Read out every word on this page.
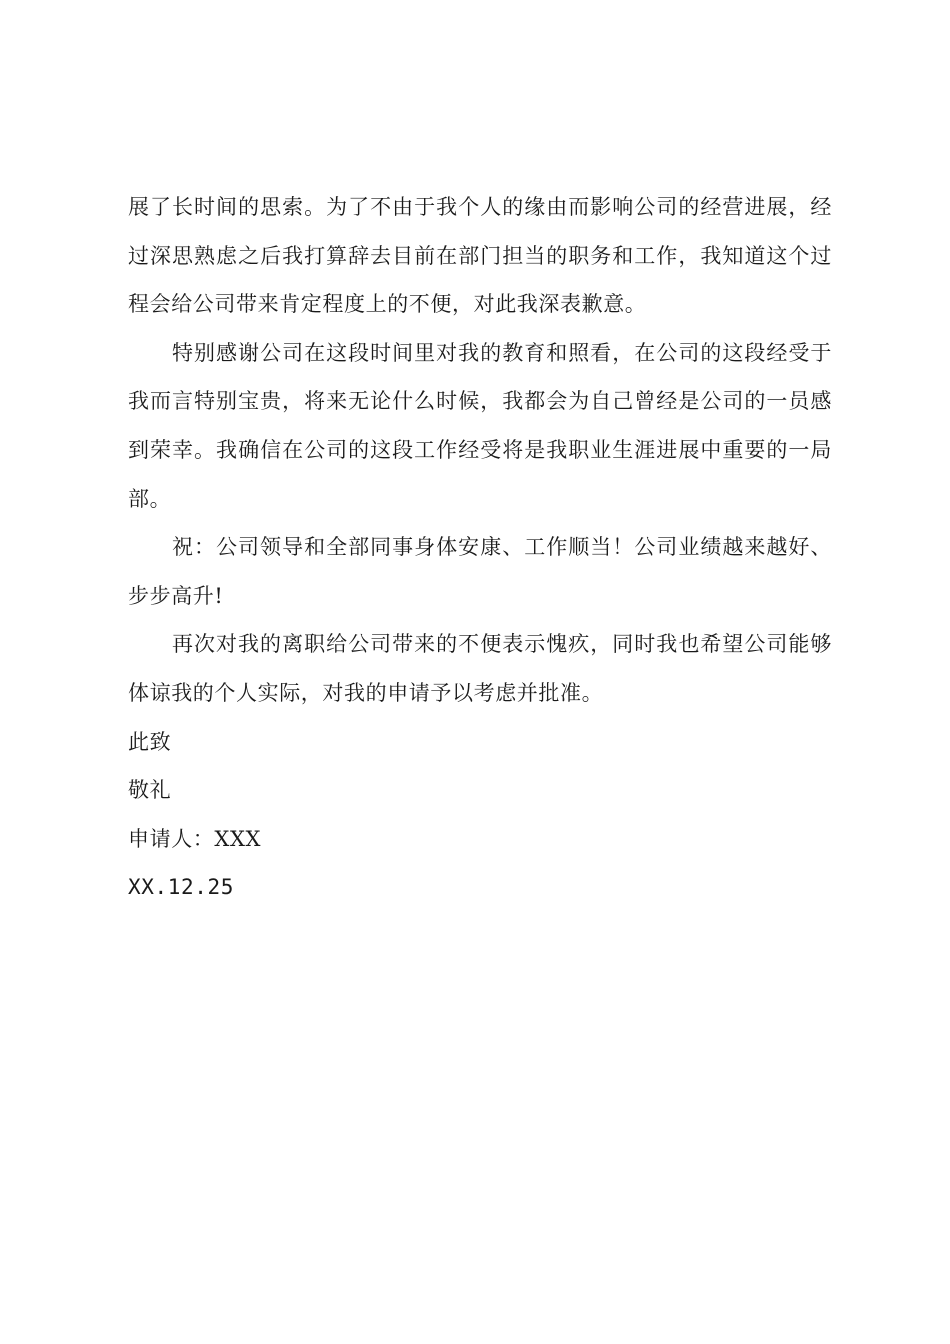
展了长时间的思索。为了不由于我个人的缘由而影响公司的经营进展，经过深思熟虑之后我打算辞去目前在部门担当的职务和工作，我知道这个过程会给公司带来肯定程度上的不便，对此我深表歉意。

特别感谢公司在这段时间里对我的教育和照看，在公司的这段经受于我而言特别宝贵，将来无论什么时候，我都会为自己曾经是公司的一员感到荣幸。我确信在公司的这段工作经受将是我职业生涯进展中重要的一局部。

祝：公司领导和全部同事身体安康、工作顺当！公司业绩越来越好、步步高升!

再次对我的离职给公司带来的不便表示愧疚，同时我也希望公司能够体谅我的个人实际，对我的申请予以考虑并批准。

此致

敬礼

申请人：XXX

XX.12.25
